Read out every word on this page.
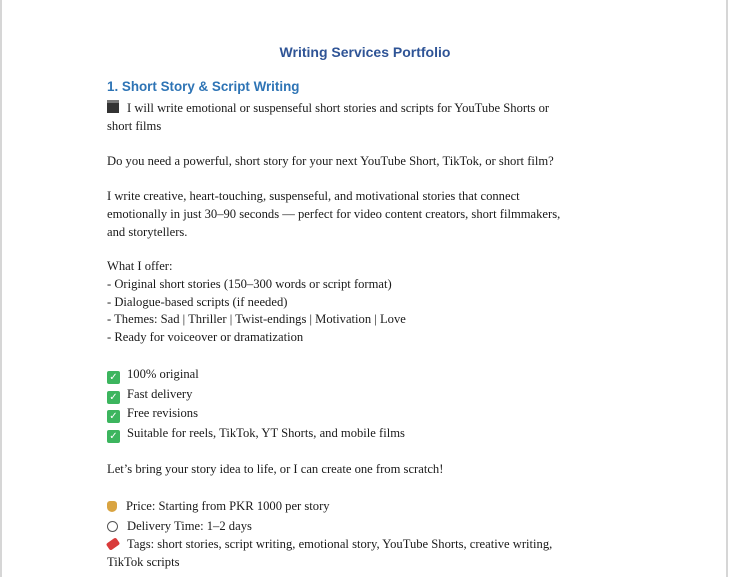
Writing Services Portfolio
1. Short Story & Script Writing
I will write emotional or suspenseful short stories and scripts for YouTube Shorts or
short films
Do you need a powerful, short story for your next YouTube Short, TikTok, or short film?
I write creative, heart-touching, suspenseful, and motivational stories that connect
emotionally in just 30–90 seconds — perfect for video content creators, short filmmakers,
and storytellers.
What I offer:
- Original short stories (150–300 words or script format)
- Dialogue-based scripts (if needed)
- Themes: Sad | Thriller | Twist-endings | Motivation | Love
- Ready for voiceover or dramatization
✓ 100% original
✓ Fast delivery
✓ Free revisions
✓ Suitable for reels, TikTok, YT Shorts, and mobile films
Let’s bring your story idea to life, or I can create one from scratch!
Price: Starting from PKR 1000 per story
Delivery Time: 1–2 days
Tags: short stories, script writing, emotional story, YouTube Shorts, creative writing,
TikTok scripts
